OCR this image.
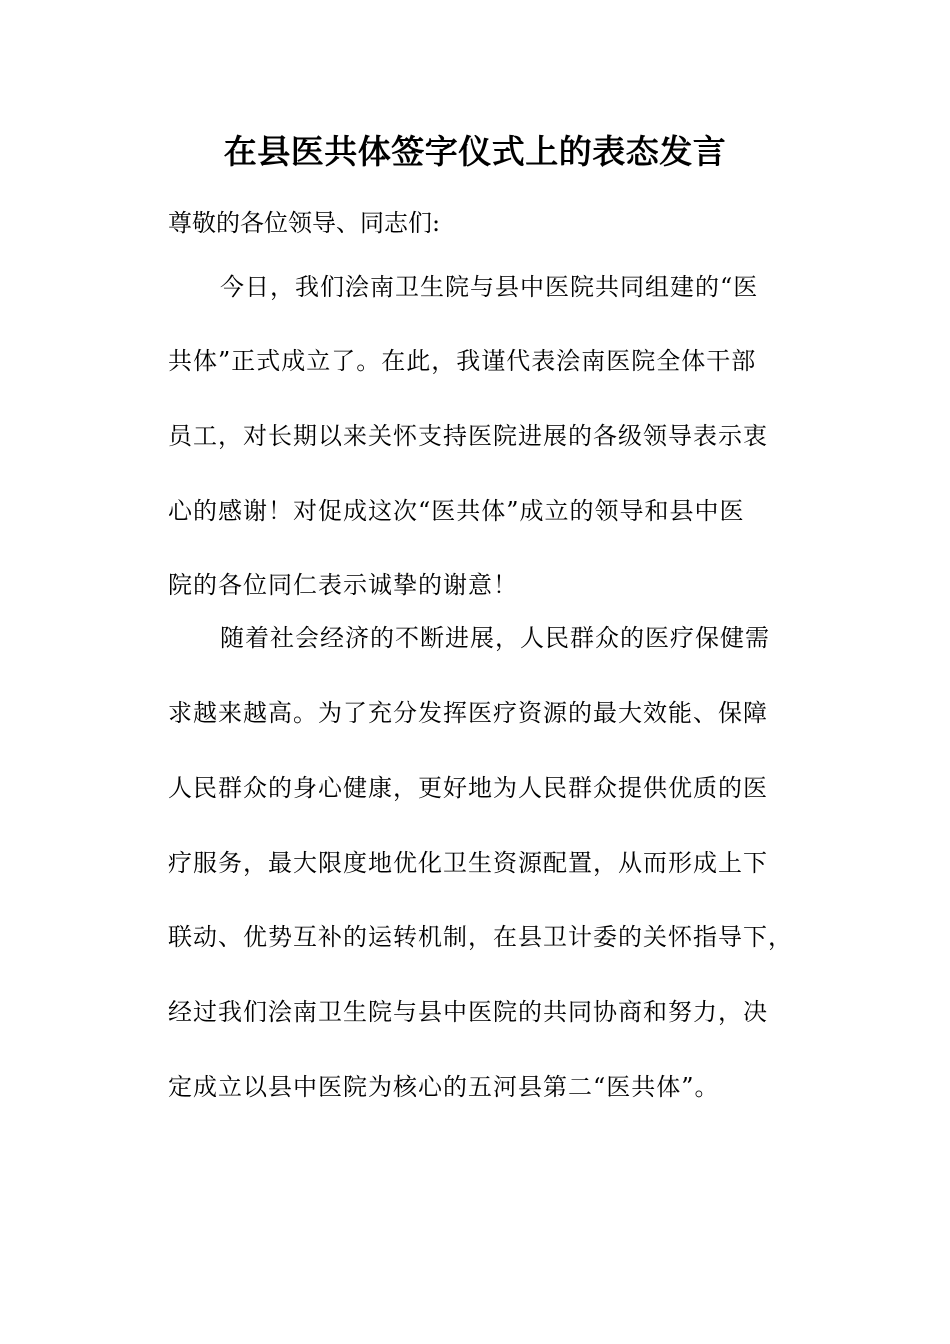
在县医共体签字仪式上的表态发言
尊敬的各位领导、同志们:
今日，我们浍南卫生院与县中医院共同组建的“医
共体”正式成立了。在此，我谨代表浍南医院全体干部
员工，对长期以来关怀支持医院进展的各级领导表示衷
心的感谢！对促成这次“医共体”成立的领导和县中医
院的各位同仁表示诚挚的谢意！
随着社会经济的不断进展，人民群众的医疗保健需
求越来越高。为了充分发挥医疗资源的最大效能、保障
人民群众的身心健康，更好地为人民群众提供优质的医
疗服务，最大限度地优化卫生资源配置，从而形成上下
联动、优势互补的运转机制，在县卫计委的关怀指导下，
经过我们浍南卫生院与县中医院的共同协商和努力，决
定成立以县中医院为核心的五河县第二“医共体”。
